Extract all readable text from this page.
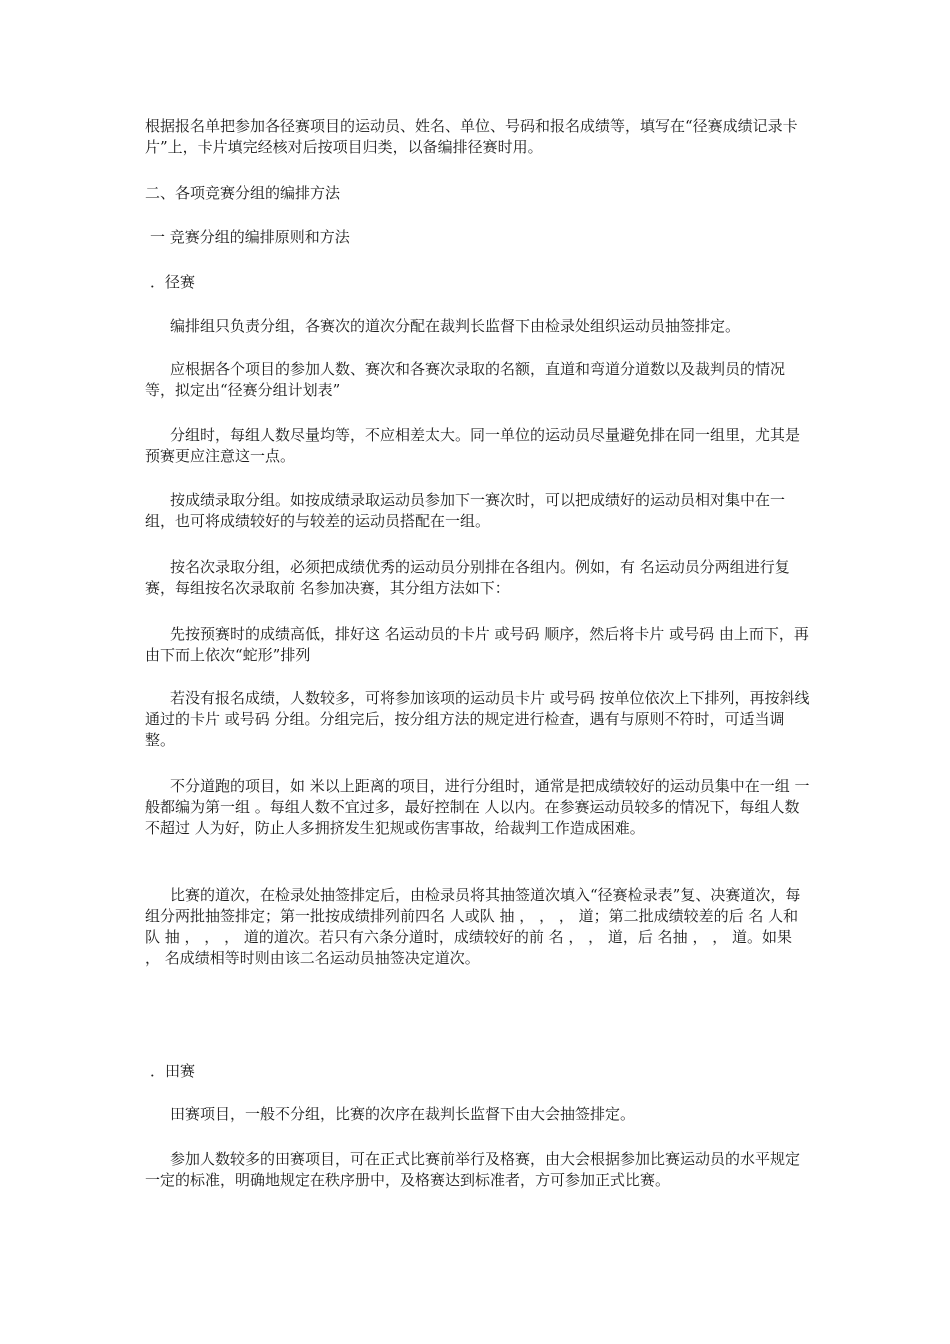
根据报名单把参加各径赛项目的运动员、姓名、单位、号码和报名成绩等，填写在“径赛成绩记录卡片”上，卡片填完经核对后按项目归类，以备编排径赛时用。

二、各项竞赛分组的编排方法

一 竞赛分组的编排原则和方法

．径赛

编排组只负责分组，各赛次的道次分配在裁判长监督下由检录处组织运动员抽签排定。

应根据各个项目的参加人数、赛次和各赛次录取的名额，直道和弯道分道数以及裁判员的情况等，拟定出“径赛分组计划表”

分组时，每组人数尽量均等，不应相差太大。同一单位的运动员尽量避免排在同一组里，尤其是预赛更应注意这一点。

按成绩录取分组。如按成绩录取运动员参加下一赛次时，可以把成绩好的运动员相对集中在一组，也可将成绩较好的与较差的运动员搭配在一组。

按名次录取分组，必须把成绩优秀的运动员分别排在各组内。例如，有 名运动员分两组进行复赛，每组按名次录取前 名参加决赛，其分组方法如下：

先按预赛时的成绩高低，排好这 名运动员的卡片 或号码 顺序，然后将卡片 或号码 由上而下，再由下而上依次“蛇形”排列

若没有报名成绩，人数较多，可将参加该项的运动员卡片 或号码 按单位依次上下排列，再按斜线通过的卡片 或号码 分组。分组完后，按分组方法的规定进行检查，遇有与原则不符时，可适当调整。

不分道跑的项目，如 米以上距离的项目，进行分组时，通常是把成绩较好的运动员集中在一组 一般都编为第一组 。每组人数不宜过多，最好控制在 人以内。在参赛运动员较多的情况下，每组人数不超过 人为好，防止人多拥挤发生犯规或伤害事故，给裁判工作造成困难。

比赛的道次，在检录处抽签排定后，由检录员将其抽签道次填入“径赛检录表”复、决赛道次，每组分两批抽签排定；第一批按成绩排列前四名 人或队 抽 ， ， ， 道；第二批成绩较差的后 名 人和队 抽 ， ， ， 道的道次。若只有六条分道时，成绩较好的前 名 ， ， 道，后 名抽 ， ， 道。如果 ， 名成绩相等时则由该二名运动员抽签决定道次。

．田赛

田赛项目，一般不分组，比赛的次序在裁判长监督下由大会抽签排定。

参加人数较多的田赛项目，可在正式比赛前举行及格赛，由大会根据参加比赛运动员的水平规定一定的标准，明确地规定在秩序册中，及格赛达到标准者，方可参加正式比赛。
